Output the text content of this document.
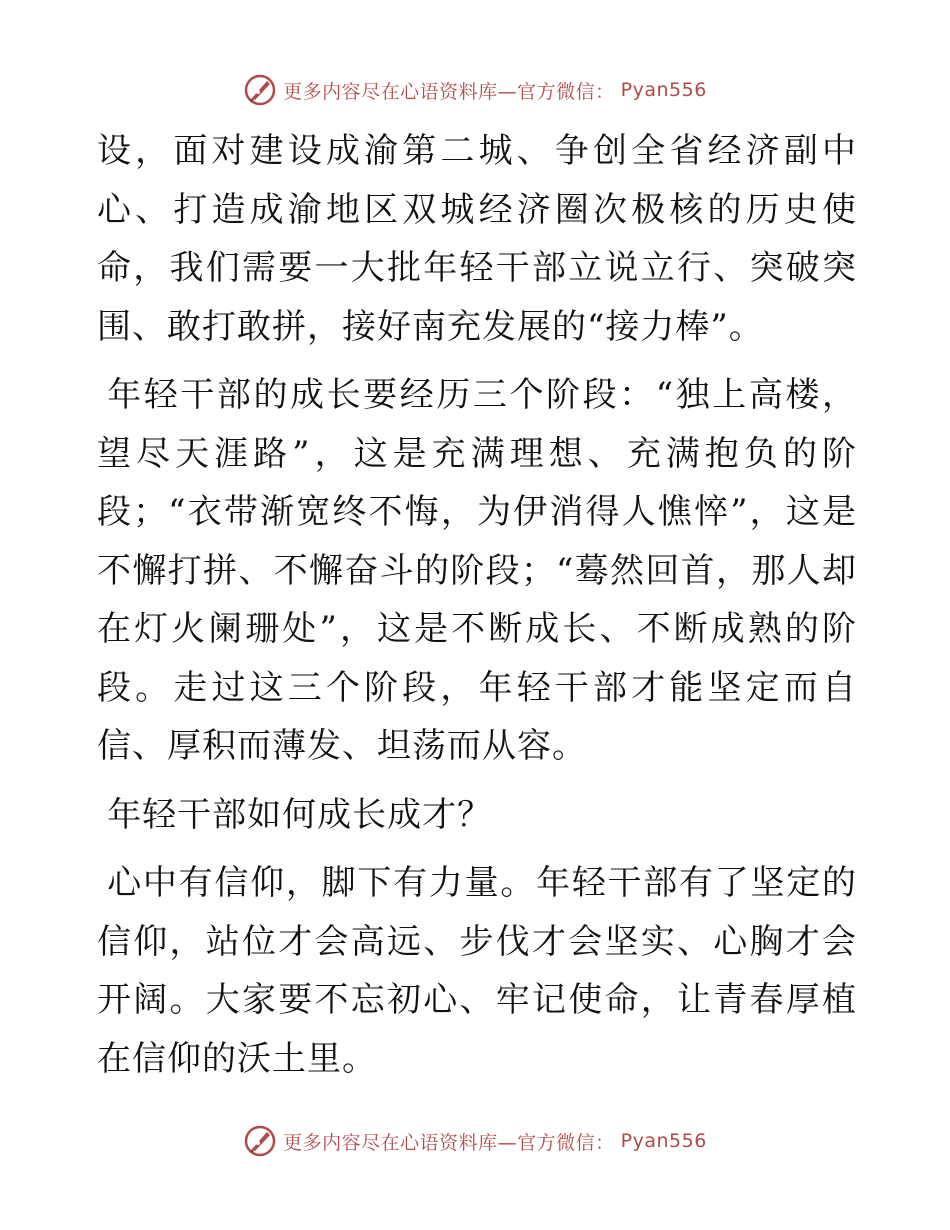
更多内容尽在心语资料库—官方微信： Pyan556

设，面对建设成渝第二城、争创全省经济副中心、打造成渝地区双城经济圈次极核的历史使命，我们需要一大批年轻干部立说立行、突破突围、敢打敢拼，接好南充发展的“接力棒”。

年轻干部的成长要经历三个阶段：“独上高楼，望尽天涯路”，这是充满理想、充满抱负的阶段；“衣带渐宽终不悔，为伊消得人憔悴”，这是不懈打拼、不懈奋斗的阶段；“蓦然回首，那人却在灯火阑珊处”，这是不断成长、不断成熟的阶段。走过这三个阶段，年轻干部才能坚定而自信、厚积而薄发、坦荡而从容。

年轻干部如何成长成才？

心中有信仰，脚下有力量。年轻干部有了坚定的信仰，站位才会高远、步伐才会坚实、心胸才会开阔。大家要不忘初心、牢记使命，让青春厚植在信仰的沃土里。

更多内容尽在心语资料库—官方微信： Pyan556
